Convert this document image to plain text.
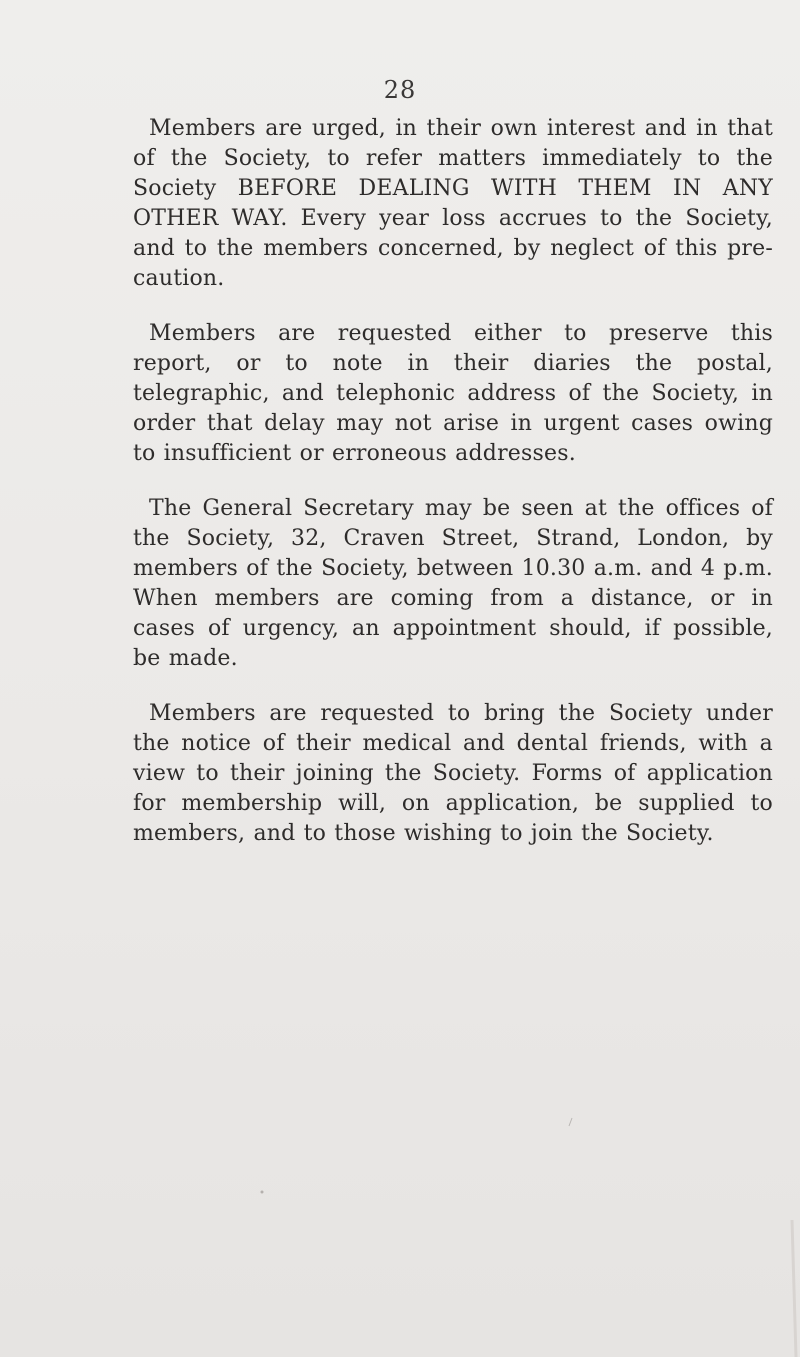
28

Members are urged, in their own interest and in that of the Society, to refer matters immediately to the Society BEFORE DEALING WITH THEM IN ANY OTHER WAY. Every year loss accrues to the Society, and to the members concerned, by neglect of this pre-caution.

Members are requested either to preserve this report, or to note in their diaries the postal, telegraphic, and telephonic address of the Society, in order that delay may not arise in urgent cases owing to insufficient or erroneous addresses.

The General Secretary may be seen at the offices of the Society, 32, Craven Street, Strand, London, by members of the Society, between 10.30 a.m. and 4 p.m. When members are coming from a distance, or in cases of urgency, an appointment should, if possible, be made.

Members are requested to bring the Society under the notice of their medical and dental friends, with a view to their joining the Society. Forms of application for membership will, on application, be supplied to members, and to those wishing to join the Society.
